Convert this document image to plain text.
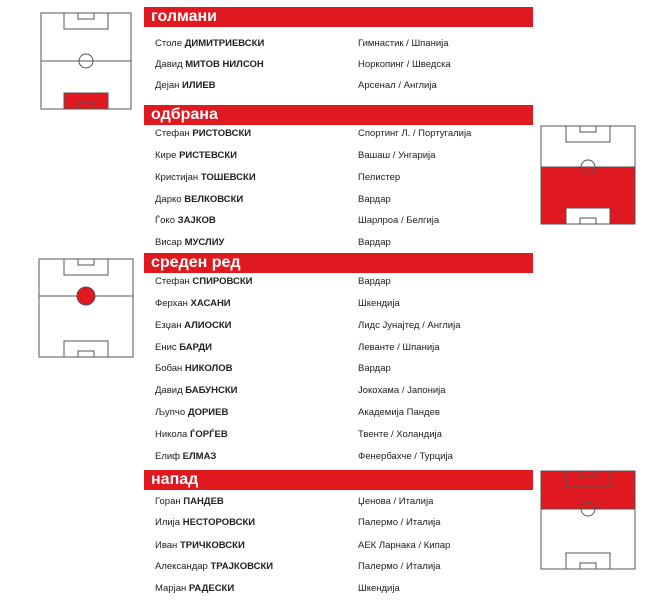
голмани
Столе ДИМИТРИЕВСКИ	Гимнастик / Шпанија
Давид МИТОВ НИЛСОН	Норкопинг / Шведска
Дејан ИЛИЕВ	Арсенал / Англија
одбрана
Стефан РИСТОВСКИ	Спортинг Л. / Португалија
Кире РИСТЕВСКИ	Вашаш / Унгарија
Кристијан ТОШЕВСКИ	Пелистер
Дарко ВЕЛКОВСКИ	Вардар
Ѓоко ЗАЈКОВ	Шарлроа / Белгија
Висар МУСЛИУ	Вардар
среден ред
Стефан СПИРОВСКИ	Вардар
Ферхан ХАСАНИ	Шкендија
Езџан АЛИОСКИ	Лидс Јунајтед / Англија
Енис БАРДИ	Леванте / Шпанија
Бобан НИКОЛОВ	Вардар
Давид БАБУНСКИ	Јокохама / Јапонија
Љупчо ДОРИЕВ	Академија Пандев
Никола ЃОРЃЕВ	Твенте / Холандија
Елиф ЕЛМАЗ	Фенербахче / Турција
напад
Горан ПАНДЕВ	Џенова / Италија
Илија НЕСТОРОВСКИ	Палермо / Италија
Иван ТРИЧКОВСКИ	АЕК Ларнака / Кипар
Александар ТРАЈКОВСКИ	Палермо / Италија
Марјан РАДЕСКИ	Шкендија
